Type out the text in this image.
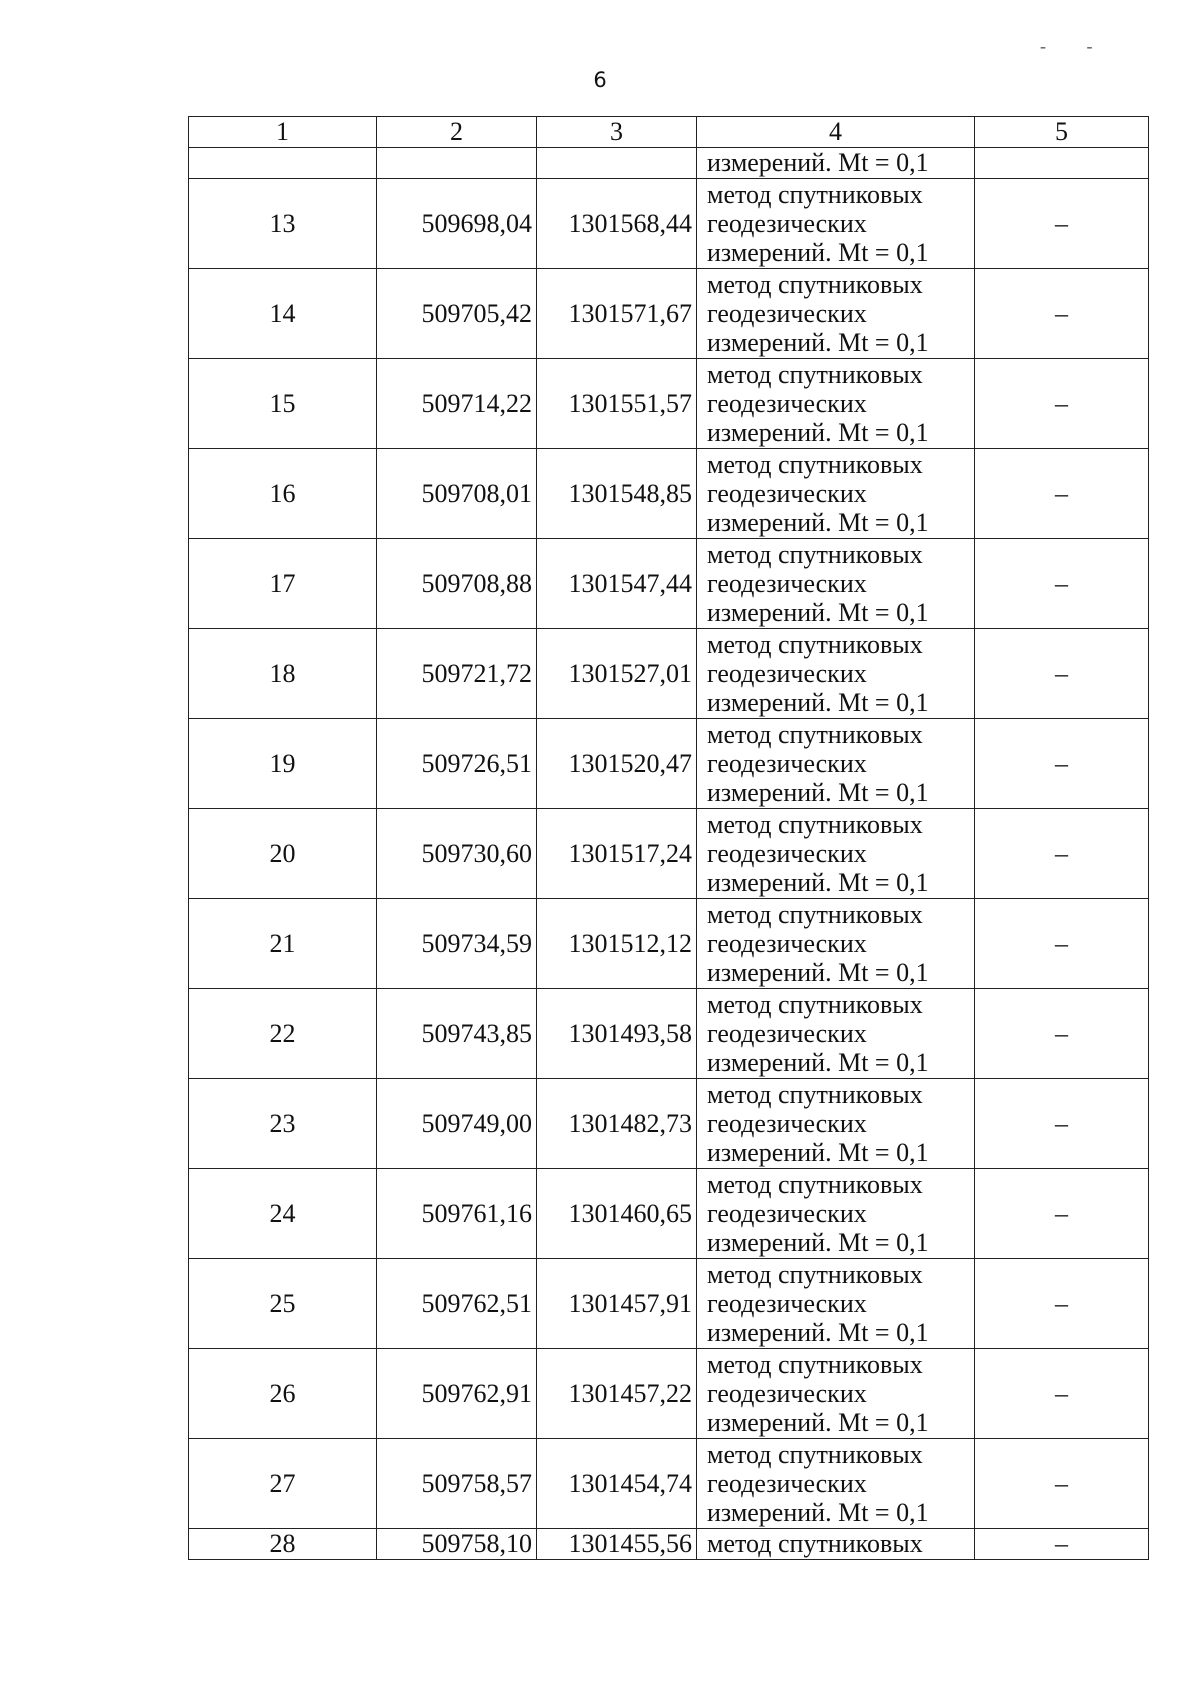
6
- -
1	2	3	4	5
			измерений. Mt = 0,1	
13	509698,04	1301568,44	метод спутниковых
геодезических
измерений. Mt = 0,1	–
14	509705,42	1301571,67	метод спутниковых
геодезических
измерений. Mt = 0,1	–
15	509714,22	1301551,57	метод спутниковых
геодезических
измерений. Mt = 0,1	–
16	509708,01	1301548,85	метод спутниковых
геодезических
измерений. Mt = 0,1	–
17	509708,88	1301547,44	метод спутниковых
геодезических
измерений. Mt = 0,1	–
18	509721,72	1301527,01	метод спутниковых
геодезических
измерений. Mt = 0,1	–
19	509726,51	1301520,47	метод спутниковых
геодезических
измерений. Mt = 0,1	–
20	509730,60	1301517,24	метод спутниковых
геодезических
измерений. Mt = 0,1	–
21	509734,59	1301512,12	метод спутниковых
геодезических
измерений. Mt = 0,1	–
22	509743,85	1301493,58	метод спутниковых
геодезических
измерений. Mt = 0,1	–
23	509749,00	1301482,73	метод спутниковых
геодезических
измерений. Mt = 0,1	–
24	509761,16	1301460,65	метод спутниковых
геодезических
измерений. Mt = 0,1	–
25	509762,51	1301457,91	метод спутниковых
геодезических
измерений. Mt = 0,1	–
26	509762,91	1301457,22	метод спутниковых
геодезических
измерений. Mt = 0,1	–
27	509758,57	1301454,74	метод спутниковых
геодезических
измерений. Mt = 0,1	–
28	509758,10	1301455,56	метод спутниковых	–
